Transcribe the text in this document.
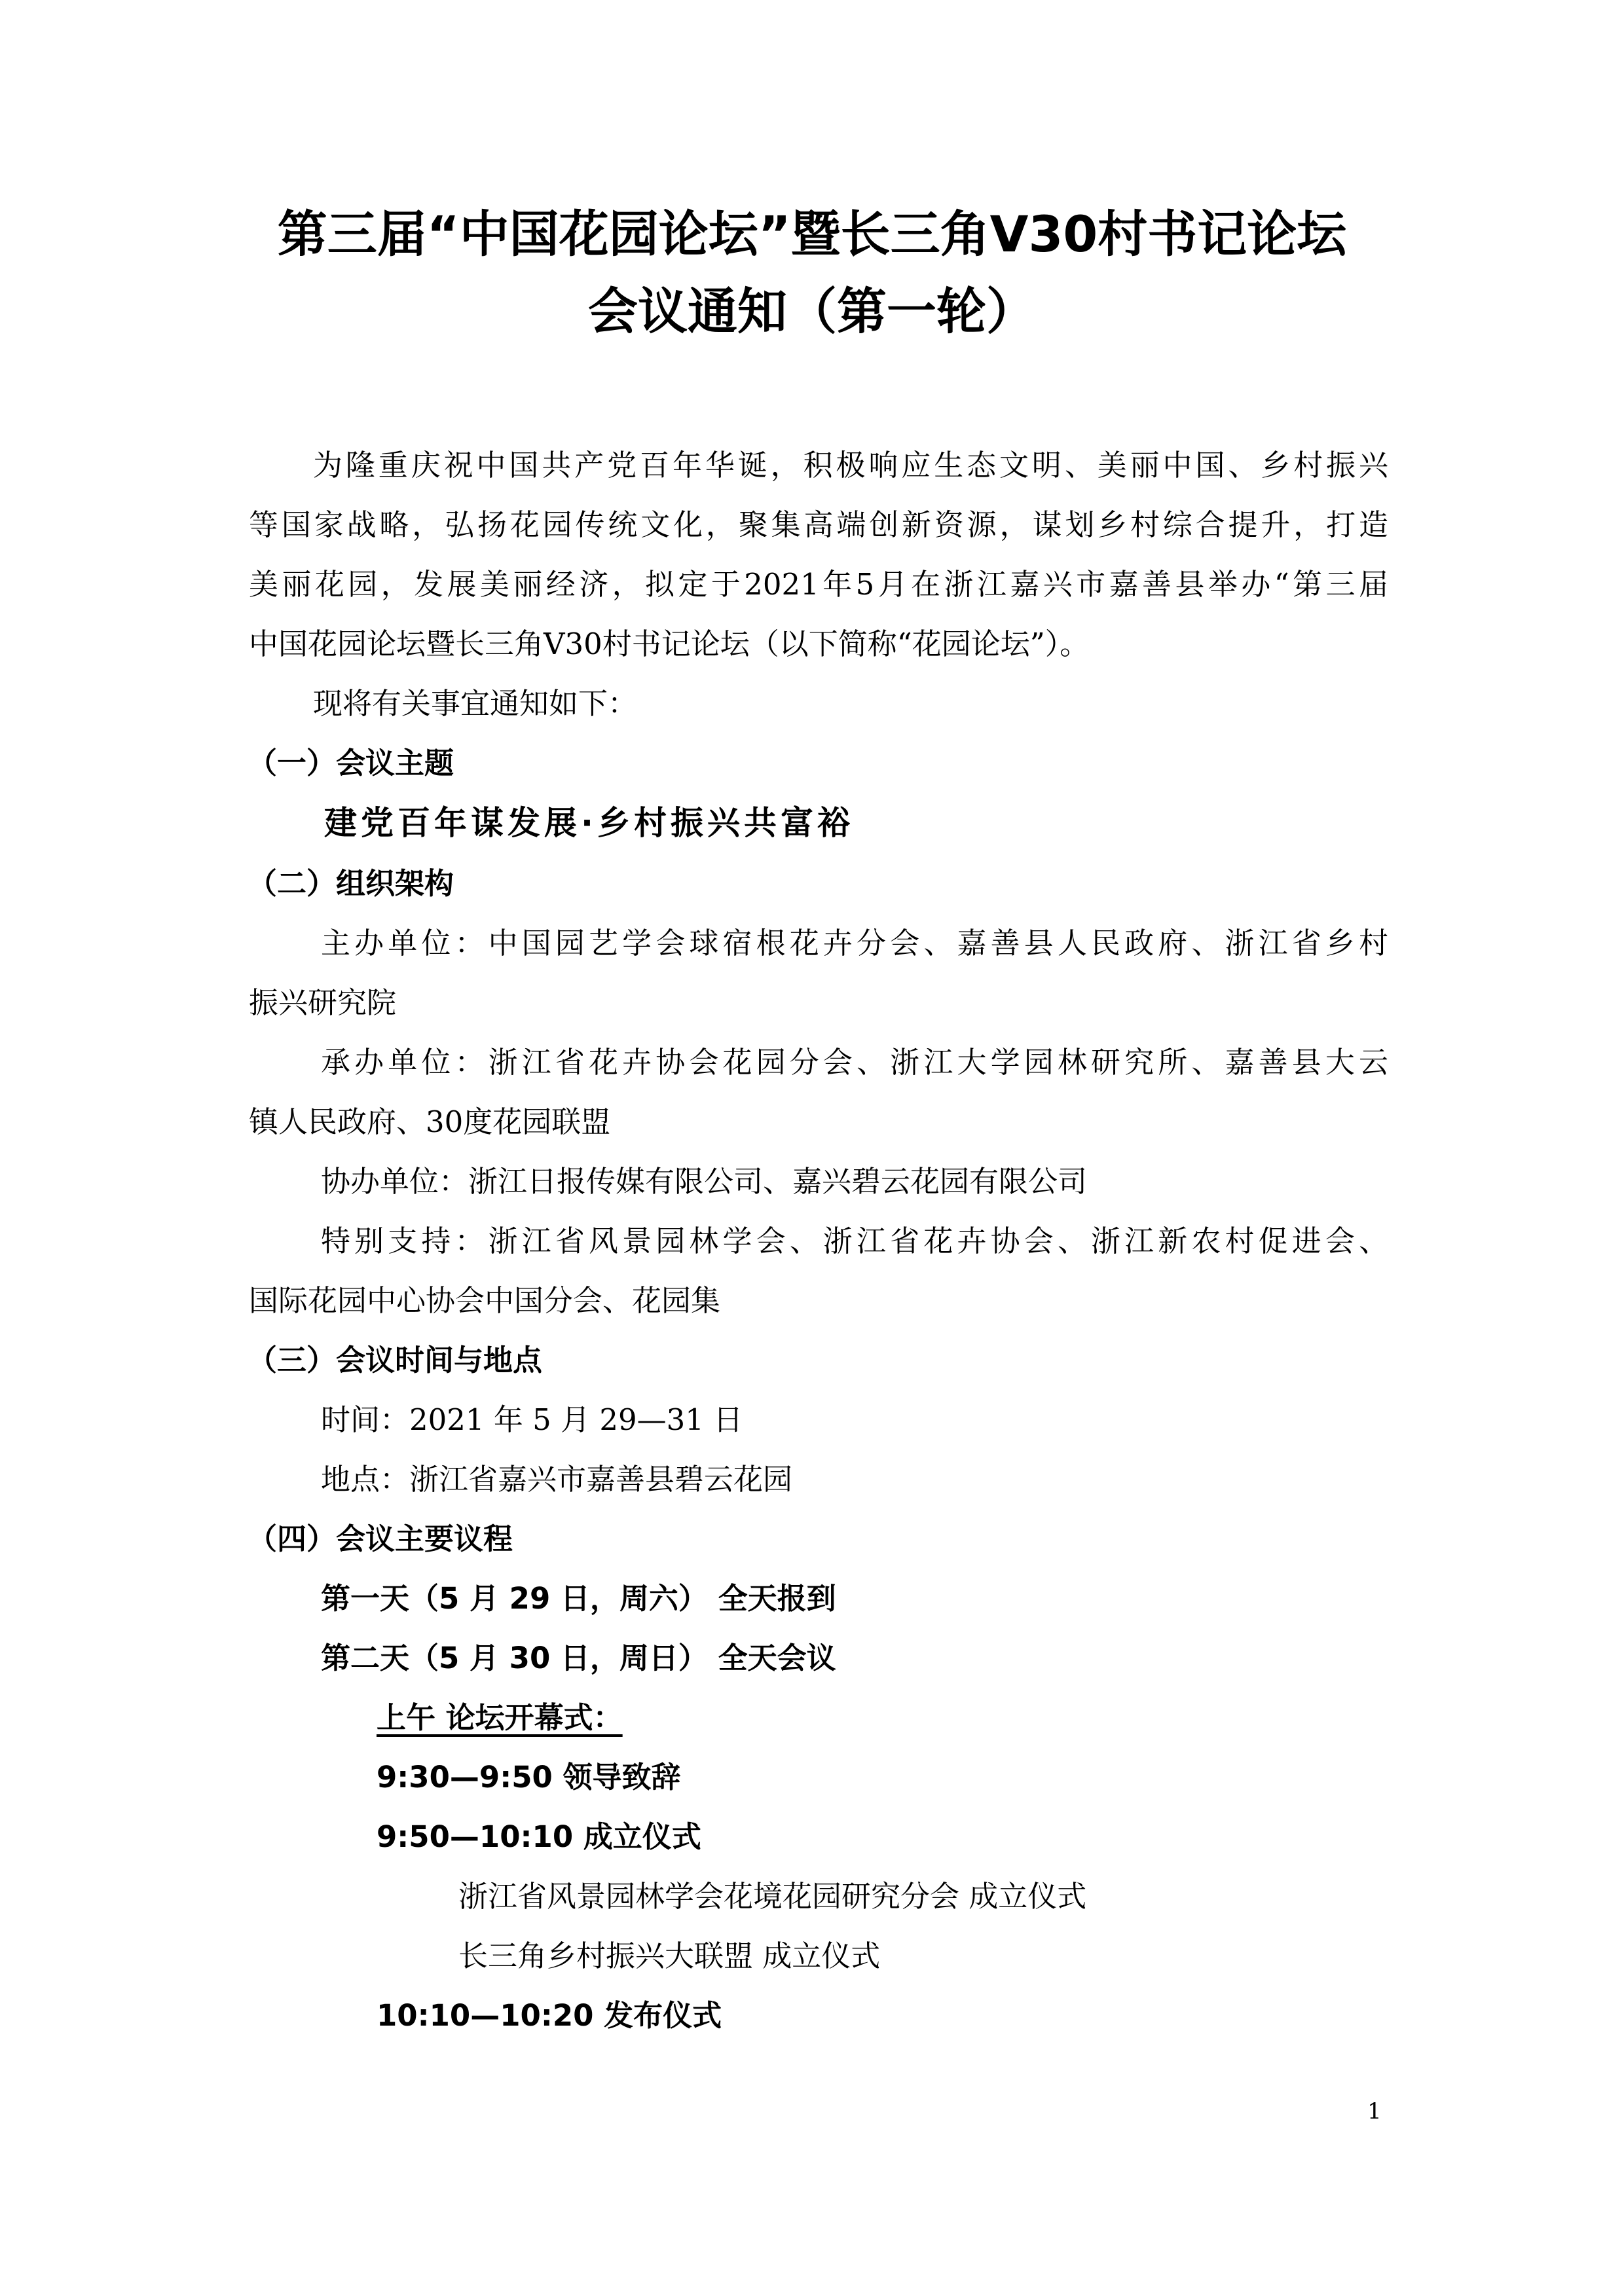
第三届“中国花园论坛”暨长三角V30村书记论坛
会议通知（第一轮）
为隆重庆祝中国共产党百年华诞，积极响应生态文明、美丽中国、乡村振兴
等国家战略，弘扬花园传统文化，聚集高端创新资源，谋划乡村综合提升，打造
美丽花园，发展美丽经济，拟定于2021年5月在浙江嘉兴市嘉善县举办“第三届
中国花园论坛暨长三角V30村书记论坛（以下简称“花园论坛”）。
现将有关事宜通知如下：
（一）会议主题
建党百年谋发展·乡村振兴共富裕
（二）组织架构
主办单位：中国园艺学会球宿根花卉分会、嘉善县人民政府、浙江省乡村
振兴研究院
承办单位：浙江省花卉协会花园分会、浙江大学园林研究所、嘉善县大云
镇人民政府、30度花园联盟
协办单位：浙江日报传媒有限公司、嘉兴碧云花园有限公司
特别支持：浙江省风景园林学会、浙江省花卉协会、浙江新农村促进会、
国际花园中心协会中国分会、花园集
（三）会议时间与地点
时间：2021 年 5 月 29—31 日
地点：浙江省嘉兴市嘉善县碧云花园
（四）会议主要议程
第一天（5 月 29 日，周六） 全天报到
第二天（5 月 30 日，周日） 全天会议
上午 论坛开幕式：
9:30—9:50 领导致辞
9:50—10:10 成立仪式
浙江省风景园林学会花境花园研究分会 成立仪式
长三角乡村振兴大联盟 成立仪式
10:10—10:20 发布仪式
1
